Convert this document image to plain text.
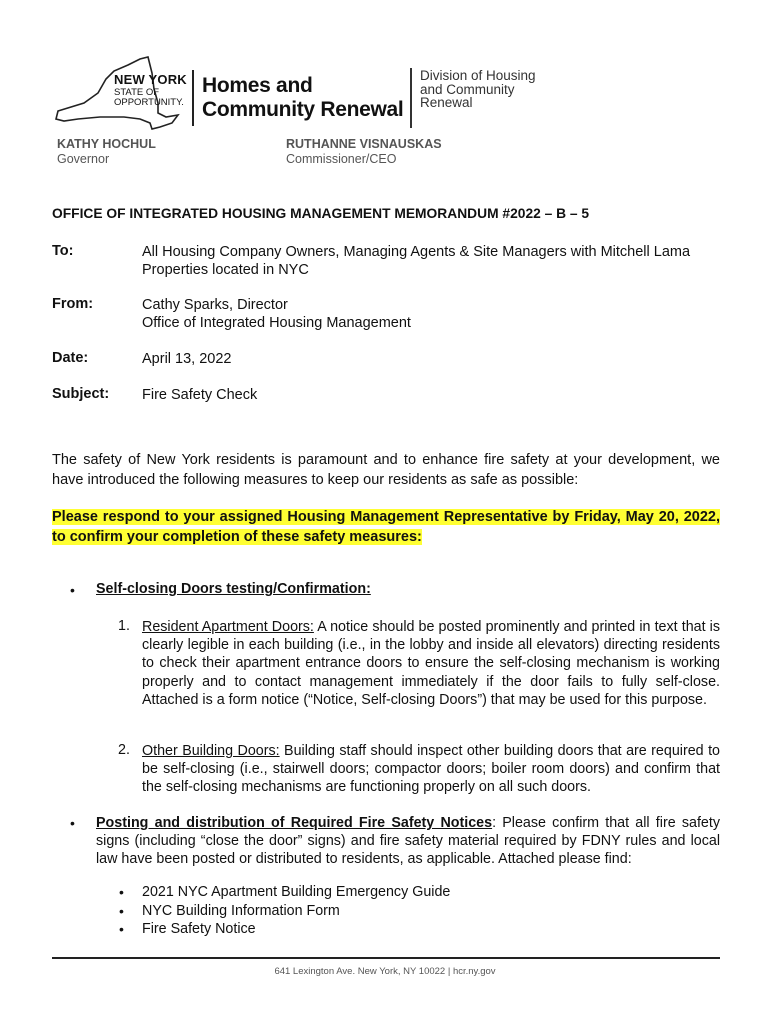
NEW YORK
STATE OF
OPPORTUNITY.
Homes and
Community Renewal
Division of Housing
and Community
Renewal
KATHY HOCHUL
Governor
RUTHANNE VISNAUSKAS
Commissioner/CEO
OFFICE OF INTEGRATED HOUSING MANAGEMENT MEMORANDUM #2022 – B – 5
To:	All Housing Company Owners, Managing Agents & Site Managers with Mitchell Lama
Properties located in NYC
From:	Cathy Sparks, Director
Office of Integrated Housing Management
Date:	April 13, 2022
Subject: Fire Safety Check
The safety of New York residents is paramount and to enhance fire safety at your development, we have introduced the following measures to keep our residents as safe as possible:
Please respond to your assigned Housing Management Representative by Friday, May 20, 2022, to confirm your completion of these safety measures:
• Self-closing Doors testing/Confirmation:
1. Resident Apartment Doors: A notice should be posted prominently and printed in text that is clearly legible in each building (i.e., in the lobby and inside all elevators) directing residents to check their apartment entrance doors to ensure the self-closing mechanism is working properly and to contact management immediately if the door fails to fully self-close. Attached is a form notice (“Notice, Self-closing Doors”) that may be used for this purpose.
2. Other Building Doors: Building staff should inspect other building doors that are required to be self-closing (i.e., stairwell doors; compactor doors; boiler room doors) and confirm that the self-closing mechanisms are functioning properly on all such doors.
• Posting and distribution of Required Fire Safety Notices: Please confirm that all fire safety signs (including “close the door” signs) and fire safety material required by FDNY rules and local law have been posted or distributed to residents, as applicable. Attached please find:
• 2021 NYC Apartment Building Emergency Guide
• NYC Building Information Form
• Fire Safety Notice
641 Lexington Ave. New York, NY 10022 | hcr.ny.gov
